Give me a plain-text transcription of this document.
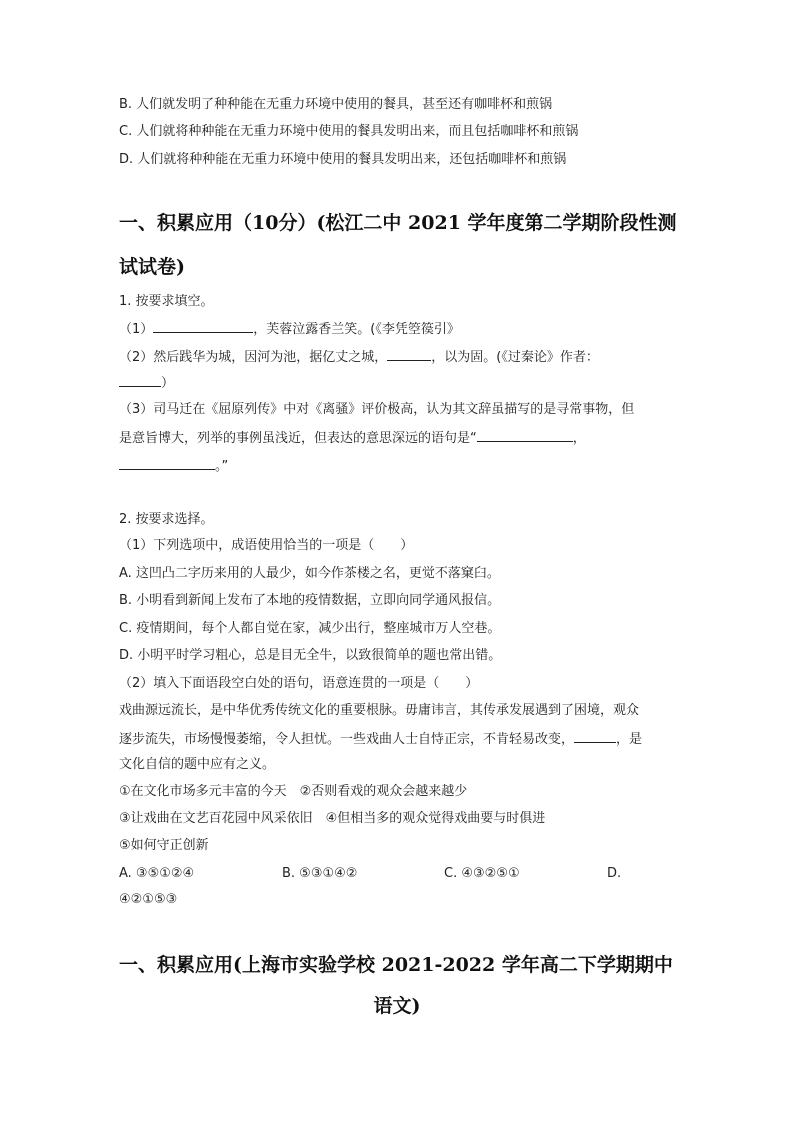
B. 人们就发明了种种能在无重力环境中使用的餐具，甚至还有咖啡杯和煎锅
C. 人们就将种种能在无重力环境中使用的餐具发明出来，而且包括咖啡杯和煎锅
D. 人们就将种种能在无重力环境中使用的餐具发明出来，还包括咖啡杯和煎锅
一、积累应用（10分）(松江二中 2021 学年度第二学期阶段性测
试试卷)
1. 按要求填空。
（1）	，芙蓉泣露香兰笑。(《李凭箜篌引》
（2）然后践华为城，因河为池，据亿丈之城，	，以为固。(《过秦论》作者：
）
（3）司马迁在《屈原列传》中对《离骚》评价极高，认为其文辞虽描写的是寻常事物，但
是意旨博大，列举的事例虽浅近，但表达的意思深远的语句是“	，
。”
2. 按要求选择。
（1）下列选项中，成语使用恰当的一项是（　　）
A. 这凹凸二字历来用的人最少，如今作茶楼之名，更觉不落窠臼。
B. 小明看到新闻上发布了本地的疫情数据，立即向同学通风报信。
C. 疫情期间，每个人都自觉在家，减少出行，整座城市万人空巷。
D. 小明平时学习粗心，总是目无全牛，以致很简单的题也常出错。
（2）填入下面语段空白处的语句，语意连贯的一项是（　　）
戏曲源远流长，是中华优秀传统文化的重要根脉。毋庸讳言，其传承发展遇到了困境，观众
逐步流失，市场慢慢萎缩，令人担忧。一些戏曲人士自恃正宗，不肯轻易改变，	，是
文化自信的题中应有之义。
①在文化市场多元丰富的今天　②否则看戏的观众会越来越少
③让戏曲在文艺百花园中风采依旧　④但相当多的观众觉得戏曲要与时俱进
⑤如何守正创新
A. ③⑤①②④	B. ⑤③①④②	C. ④③②⑤①	D.
④②①⑤③
一、积累应用(上海市实验学校 2021-2022 学年高二下学期期中
语文)
